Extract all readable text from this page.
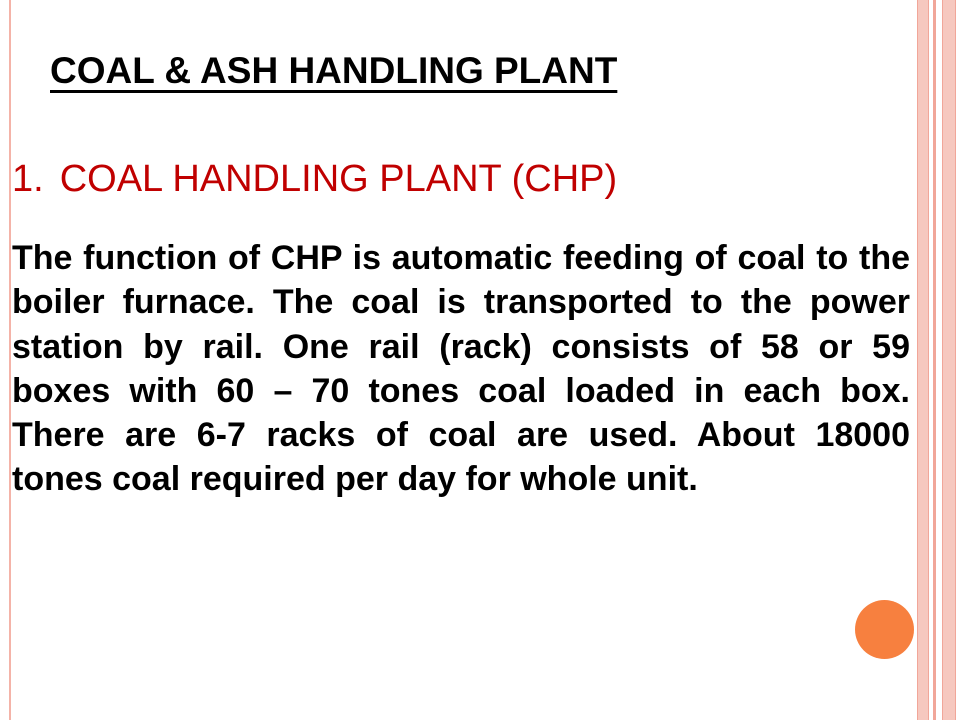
COAL & ASH HANDLING PLANT
1. COAL HANDLING PLANT (CHP)

The function of CHP is automatic feeding of coal to the boiler furnace. The coal is transported to the power station by rail. One rail (rack) consists of 58 or 59 boxes with 60 – 70 tones coal loaded in each box. There are 6-7 racks of coal are used. About 18000 tones coal required per day for whole unit.
